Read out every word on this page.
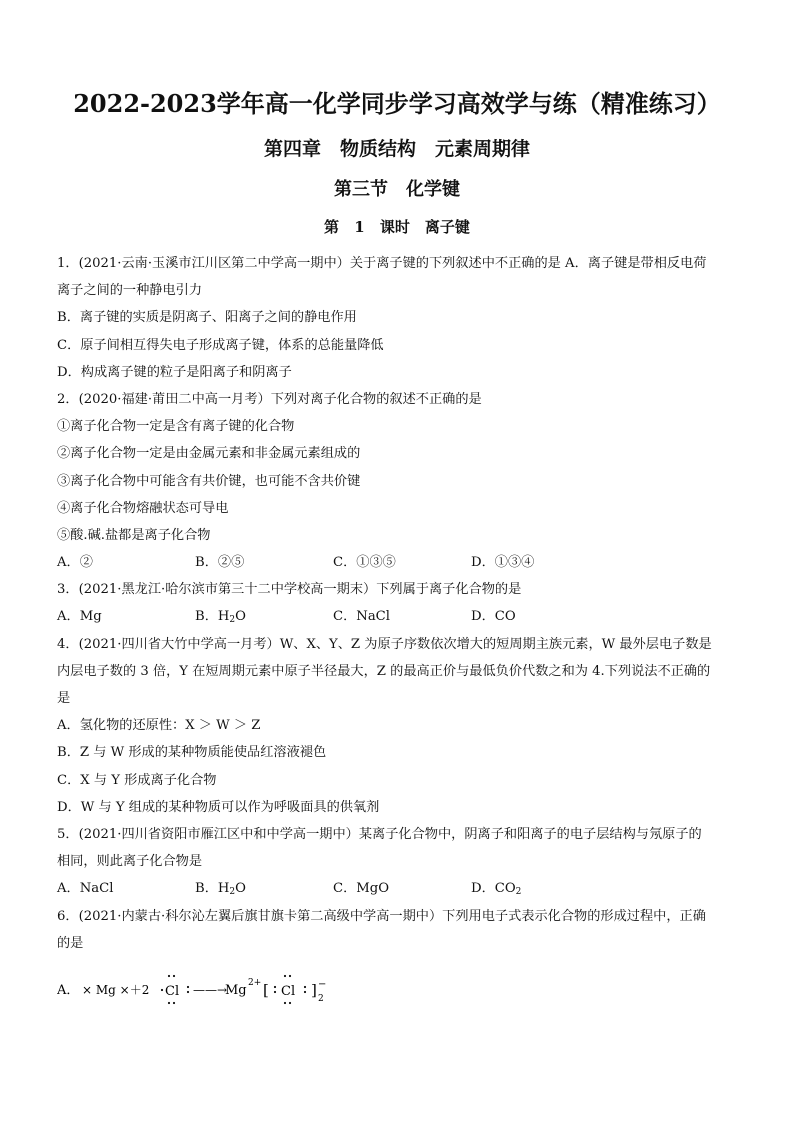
2022-2023学年高一化学同步学习高效学与练（精准练习）
第四章　物质结构　元素周期律
第三节　化学键
第 1 课时　离子键
1．(2021·云南·玉溪市江川区第二中学高一期中）关于离子键的下列叙述中不正确的是 A．离子键是带相反电荷
离子之间的一种静电引力
B．离子键的实质是阴离子、阳离子之间的静电作用
C．原子间相互得失电子形成离子键，体系的总能量降低
D．构成离子键的粒子是阳离子和阴离子
2．(2020·福建·莆田二中高一月考）下列对离子化合物的叙述不正确的是
①离子化合物一定是含有离子键的化合物
②离子化合物一定是由金属元素和非金属元素组成的
③离子化合物中可能含有共价键，也可能不含共价键
④离子化合物熔融状态可导电
⑤酸.碱.盐都是离子化合物
A．②	B．②⑤	C．①③⑤	D．①③④
3．(2021·黑龙江·哈尔滨市第三十二中学校高一期末）下列属于离子化合物的是
A．Mg	B．$H_2O$	C．NaCl	D．CO
4．(2021·四川省大竹中学高一月考）W、X、Y、Z 为原子序数依次增大的短周期主族元素，W 最外层电子数是
内层电子数的 3 倍，Y 在短周期元素中原子半径最大，Z 的最高正价与最低负价代数之和为 4.下列说法不正确的
是
A．氢化物的还原性：X ＞ W ＞ Z
B．Z 与 W 形成的某种物质能使品红溶液褪色
C．X 与 Y 形成离子化合物
D．W 与 Y 组成的某种物质可以作为呼吸面具的供氧剂
5．(2021·四川省资阳市雁江区中和中学高一期中）某离子化合物中，阴离子和阳离子的电子层结构与氖原子的
相同，则此离子化合物是
A．NaCl	B．$H_2O$	C．MgO	D．$CO_2$
6．(2021·内蒙古·科尔沁左翼后旗甘旗卡第二高级中学高一期中）下列用电子式表示化合物的形成过程中，正确
的是
A． × Mg ×＋2 Cl ——→
Mg 2+ [ Cl ] −
2
